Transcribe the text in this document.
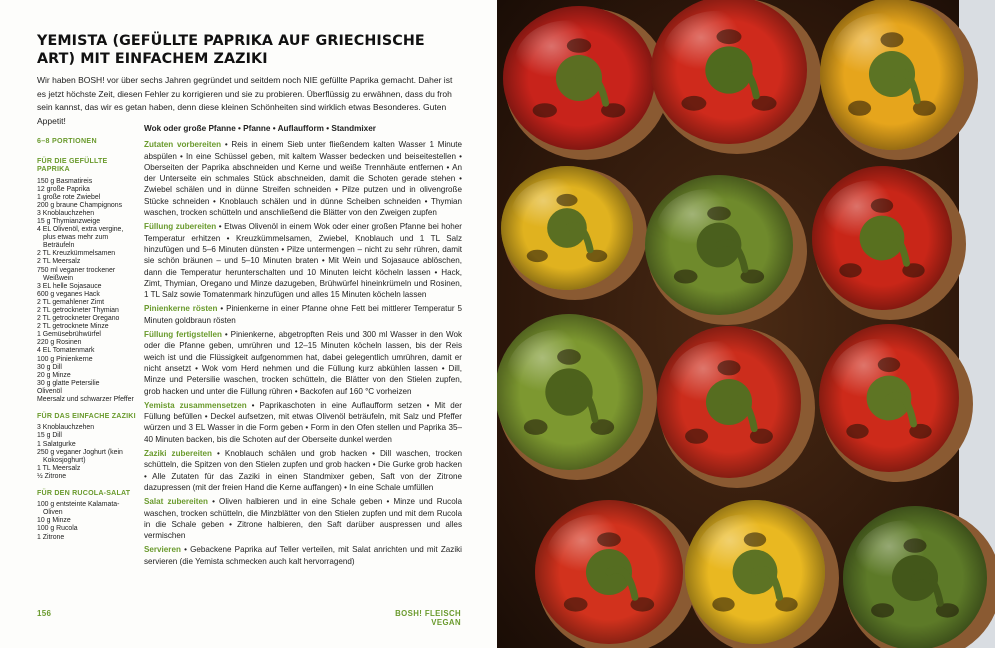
YEMISTA (GEFÜLLTE PAPRIKA AUF GRIECHISCHE ART) MIT EINFACHEM ZAZIKI

Wir haben BOSH! vor über sechs Jahren gegründet und seitdem noch NIE gefüllte Paprika gemacht. Daher ist es jetzt höchste Zeit, diesen Fehler zu korrigieren und sie zu probieren. Überflüssig zu erwähnen, dass du froh sein kannst, das wir es getan haben, denn diese kleinen Schönheiten sind wirklich etwas Besonderes. Guten Appetit!

6–8 PORTIONEN
FÜR DIE GEFÜLLTE PAPRIKA
150 g Basmatireis
12 große Paprika
1 große rote Zwiebel
200 g braune Champignons
3 Knoblauchzehen
15 g Thymianzweige
4 EL Olivenöl, extra vergine, plus etwas mehr zum Beträufeln
2 TL Kreuzkümmelsamen
2 TL Meersalz
750 ml veganer trockener Weißwein
3 EL helle Sojasauce
600 g veganes Hack
2 TL gemahlener Zimt
2 TL getrockneter Thymian
2 TL getrockneter Oregano
2 TL getrocknete Minze
1 Gemüsebrühwürfel
220 g Rosinen
4 EL Tomatenmark
100 g Pinienkerne
30 g Dill
20 g Minze
30 g glatte Petersilie
Olivenöl
Meersalz und schwarzer Pfeffer
FÜR DAS EINFACHE ZAZIKI
3 Knoblauchzehen
15 g Dill
1 Salatgurke
250 g veganer Joghurt (kein Kokosjoghurt)
1 TL Meersalz
½ Zitrone
FÜR DEN RUCOLA-SALAT
100 g entsteinte Kalamata-Oliven
10 g Minze
100 g Rucola
1 Zitrone
Wok oder große Pfanne • Pfanne • Auflaufform • Standmixer

Zutaten vorbereiten • Reis in einem Sieb unter fließendem kalten Wasser 1 Minute abspülen • In eine Schüssel geben, mit kaltem Wasser bedecken und beiseitestellen • Oberseiten der Paprika abschneiden und Kerne und weiße Trennhäute entfernen • An der Unterseite ein schmales Stück abschneiden, damit die Schoten gerade stehen • Zwiebel schälen und in dünne Streifen schneiden • Pilze putzen und in olivengroße Stücke schneiden • Knoblauch schälen und in dünne Scheiben schneiden • Thymian waschen, trocken schütteln und anschließend die Blätter von den Zweigen zupfen

Füllung zubereiten • Etwas Olivenöl in einem Wok oder einer großen Pfanne bei hoher Temperatur erhitzen • Kreuzkümmelsamen, Zwiebel, Knoblauch und 1 TL Salz hinzufügen und 5–6 Minuten dünsten • Pilze untermengen – nicht zu sehr rühren, damit sie schön bräunen – und 5–10 Minuten braten • Mit Wein und Sojasauce ablöschen, dann die Temperatur herunterschalten und 10 Minuten leicht köcheln lassen • Hack, Zimt, Thymian, Oregano und Minze dazugeben, Brühwürfel hineinkrümeln und Rosinen, 1 TL Salz sowie Tomatenmark hinzufügen und alles 15 Minuten köcheln lassen

Pinienkerne rösten • Pinienkerne in einer Pfanne ohne Fett bei mittlerer Temperatur 5 Minuten goldbraun rösten

Füllung fertigstellen • Pinienkerne, abgetropften Reis und 300 ml Wasser in den Wok oder die Pfanne geben, umrühren und 12–15 Minuten köcheln lassen, bis der Reis weich ist und die Flüssigkeit aufgenommen hat, dabei gelegentlich umrühren, damit er nicht ansetzt • Wok vom Herd nehmen und die Füllung kurz abkühlen lassen • Dill, Minze und Petersilie waschen, trocken schütteln, die Blätter von den Stielen zupfen, grob hacken und unter die Füllung rühren • Backofen auf 160 °C vorheizen

Yemista zusammensetzen • Paprikaschoten in eine Auflaufform setzen • Mit der Füllung befüllen • Deckel aufsetzen, mit etwas Olivenöl beträufeln, mit Salz und Pfeffer würzen und 3 EL Wasser in die Form geben • Form in den Ofen stellen und Paprika 35–40 Minuten backen, bis die Schoten auf der Oberseite dunkel werden

Zaziki zubereiten • Knoblauch schälen und grob hacken • Dill waschen, trocken schütteln, die Spitzen von den Stielen zupfen und grob hacken • Die Gurke grob hacken • Alle Zutaten für das Zaziki in einen Standmixer geben, Saft von der Zitrone dazupressen (mit der freien Hand die Kerne auffangen) • In eine Schale umfüllen

Salat zubereiten • Oliven halbieren und in eine Schale geben • Minze und Rucola waschen, trocken schütteln, die Minzblätter von den Stielen zupfen und mit dem Rucola in die Schale geben • Zitrone halbieren, den Saft darüber auspressen und alles vermischen

Servieren • Gebackene Paprika auf Teller verteilen, mit Salat anrichten und mit Zaziki servieren (die Yemista schmecken auch kalt hervorragend)

156	BOSH! FLEISCH VEGAN
